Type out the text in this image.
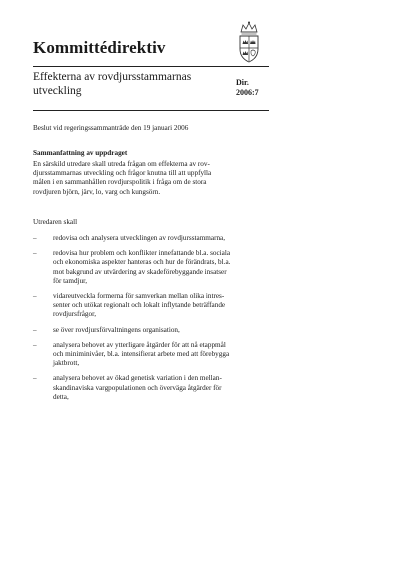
Kommittédirektiv
Effekterna av rovdjursstammarnas
utveckling
Dir.
2006:7
Beslut vid regeringssammanträde den 19 januari 2006
Sammanfattning av uppdraget
En särskild utredare skall utreda frågan om effekterna av rov-
djursstammarnas utveckling och frågor knutna till att uppfylla
målen i en sammanhållen rovdjurspolitik i fråga om de stora
rovdjuren björn, järv, lo, varg och kungsörn.
Utredaren skall
–	redovisa och analysera utvecklingen av rovdjursstammarna,
–	redovisa hur problem och konflikter innefattande bl.a. sociala
och ekonomiska aspekter hanteras och hur de förändrats, bl.a.
mot bakgrund av utvärdering av skadeförebyggande insatser
för tamdjur,
–	vidareutveckla formerna för samverkan mellan olika intres-
senter och utökat regionalt och lokalt inflytande beträffande
rovdjursfrågor,
–	se över rovdjursförvaltningens organisation,
–	analysera behovet av ytterligare åtgärder för att nå etappmål
och miniminivåer, bl.a. intensifierat arbete med att förebygga
jaktbrott,
–	analysera behovet av ökad genetisk variation i den mellan-
skandinaviska vargpopulationen och överväga åtgärder för
detta,
